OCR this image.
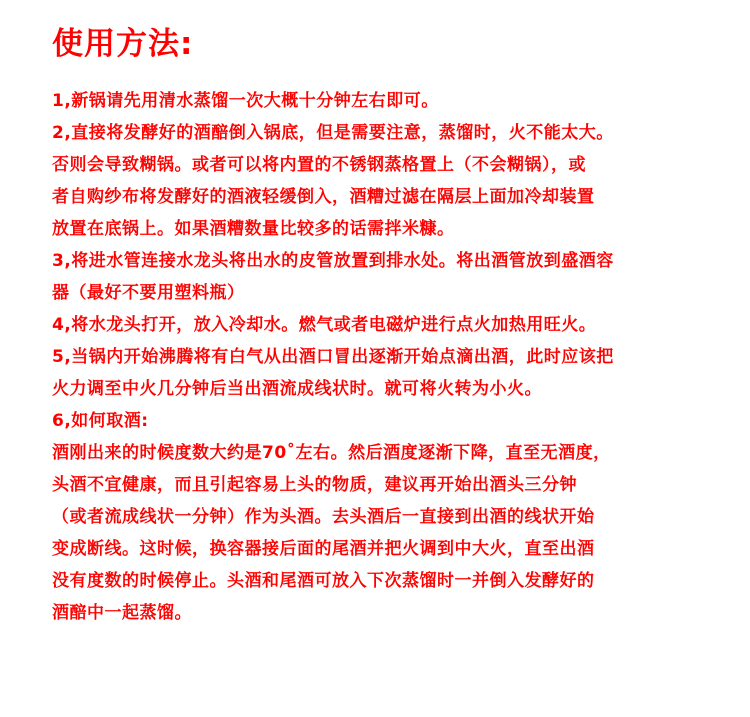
使用方法:
1,新锅请先用清水蒸馏一次大概十分钟左右即可。
2,直接将发酵好的酒醅倒入锅底，但是需要注意，蒸馏时，火不能太大。
否则会导致糊锅。或者可以将内置的不锈钢蒸格置上（不会糊锅），或
者自购纱布将发酵好的酒液轻缓倒入，酒糟过滤在隔层上面加冷却装置
放置在底锅上。如果酒糟数量比较多的话需拌米糠。
3,将进水管连接水龙头将出水的皮管放置到排水处。将出酒管放到盛酒容
器（最好不要用塑料瓶）
4,将水龙头打开，放入冷却水。燃气或者电磁炉进行点火加热用旺火。
5,当锅内开始沸腾将有白气从出酒口冒出逐渐开始点滴出酒，此时应该把
火力调至中火几分钟后当出酒流成线状时。就可将火转为小火。
6,如何取酒:
酒刚出来的时候度数大约是70˚左右。然后酒度逐渐下降，直至无酒度，
头酒不宜健康，而且引起容易上头的物质，建议再开始出酒头三分钟
（或者流成线状一分钟）作为头酒。去头酒后一直接到出酒的线状开始
变成断线。这时候，换容器接后面的尾酒并把火调到中大火，直至出酒
没有度数的时候停止。头酒和尾酒可放入下次蒸馏时一并倒入发酵好的
酒醅中一起蒸馏。
